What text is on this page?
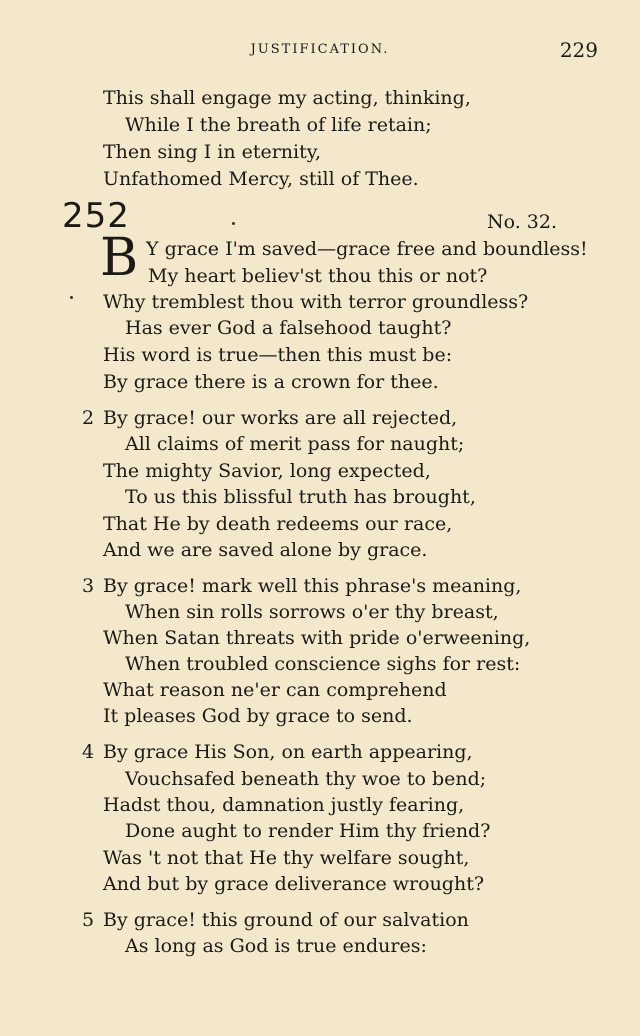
JUSTIFICATION.	229
This shall engage my acting, thinking,
While I the breath of life retain;
Then sing I in eternity,
Unfathomed Mercy, still of Thee.
252	No. 32.
B Y grace I'm saved—grace free and boundless!
My heart believ'st thou this or not?
Why tremblest thou with terror groundless?
Has ever God a falsehood taught?
His word is true—then this must be:
By grace there is a crown for thee.
2 By grace! our works are all rejected,
All claims of merit pass for naught;
The mighty Savior, long expected,
To us this blissful truth has brought,
That He by death redeems our race,
And we are saved alone by grace.
3 By grace! mark well this phrase's meaning,
When sin rolls sorrows o'er thy breast,
When Satan threats with pride o'erweening,
When troubled conscience sighs for rest:
What reason ne'er can comprehend
It pleases God by grace to send.
4 By grace His Son, on earth appearing,
Vouchsafed beneath thy woe to bend;
Hadst thou, damnation justly fearing,
Done aught to render Him thy friend?
Was 't not that He thy welfare sought,
And but by grace deliverance wrought?
5 By grace! this ground of our salvation
As long as God is true endures:
